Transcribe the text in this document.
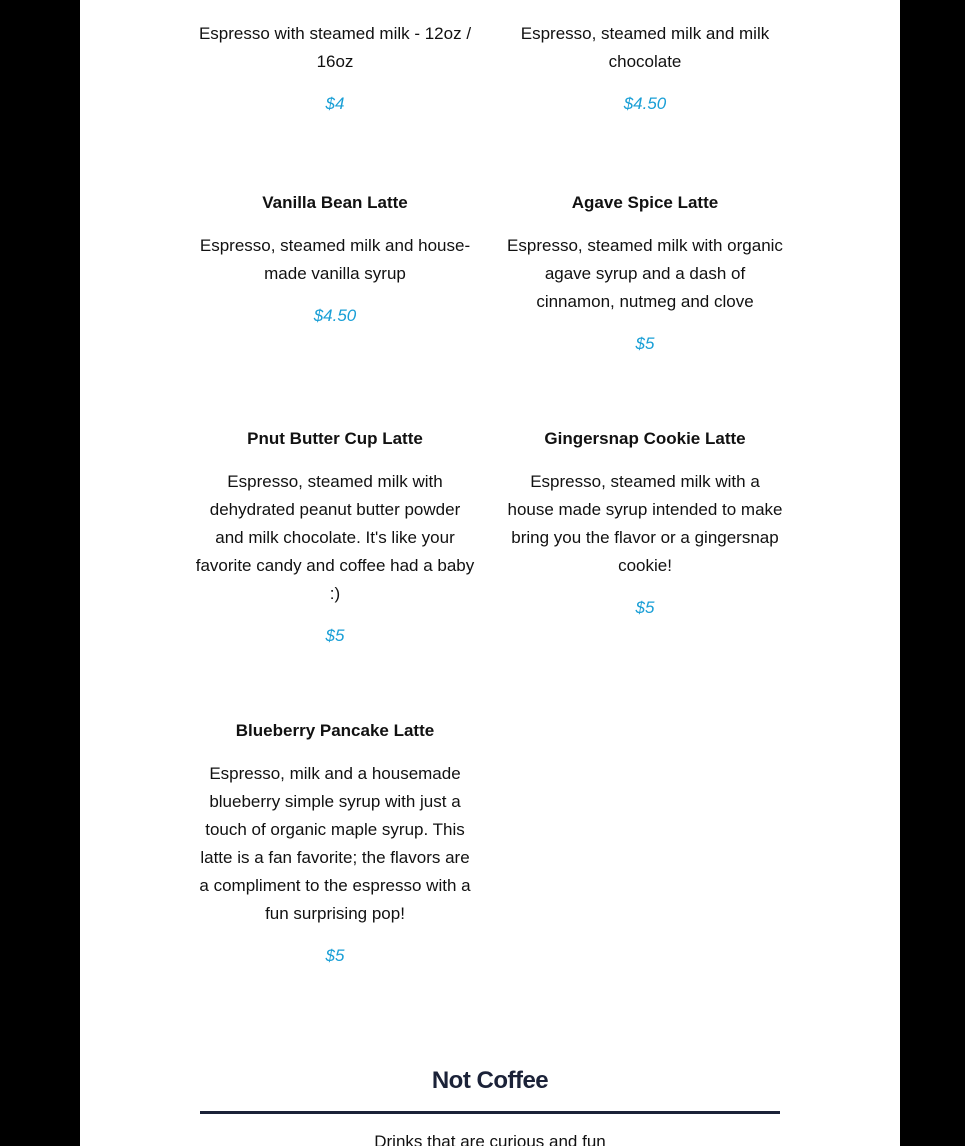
Espresso with steamed milk - 12oz / 16oz

$4

Espresso, steamed milk and milk chocolate

$4.50
Vanilla Bean Latte

Espresso, steamed milk and house-made vanilla syrup

$4.50
Agave Spice Latte

Espresso, steamed milk with organic agave syrup and a dash of cinnamon, nutmeg and clove

$5
Pnut Butter Cup Latte

Espresso, steamed milk with dehydrated peanut butter powder and milk chocolate. It's like your favorite candy and coffee had a baby :)

$5
Gingersnap Cookie Latte

Espresso, steamed milk with a house made syrup intended to make bring you the flavor or a gingersnap cookie!

$5
Blueberry Pancake Latte

Espresso, milk and a housemade blueberry simple syrup with just a touch of organic maple syrup. This latte is a fan favorite; the flavors are a compliment to the espresso with a fun surprising pop!

$5
Not Coffee
Drinks that are curious and fun
